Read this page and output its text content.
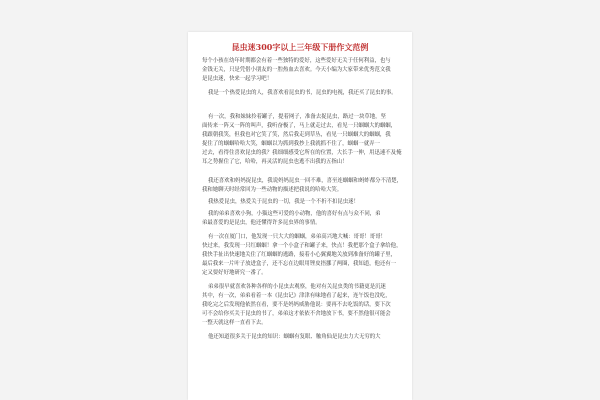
昆虫迷300字以上三年级下册作文范例
每个小孩在幼年时期都会有着一些独特的爱好，这些爱好无关于任何利益，也与
金钱无关，只是凭借小朋友的一腔热血去喜欢。今天小编为大家带来优秀范文我
是昆虫迷，快来一起学习吧！
我是一个热爱昆虫的人，我喜欢看昆虫的书，昆虫的电视，我还买了昆虫的事。
有一次，我和妹妹拎着罐子，提着网子，准备去捉昆虫，路过一块草地，坚
面传来一阵又一阵的叫声，我听奋极了，马上就走过去，看见一只蝈蝈大的蝈蝈，
我跟朝我笑，但我也对它笑了笑，然后我走到草丛，看见一只蝈蝈大的蝈蝈，我
捉住了的蝈蝈哈哈大笑，蝈蝈以为抓到我抄上我就抓不住了，蝈蝈一就弄一
过去，看得住喜欢昆虫的我？我细细感受它所在的位置，大长手一伸，用迅速不及掩
耳之势握住了它，哈哈，再灵活的昆虫也逃不出我的五指山！
我还喜欢和妈妈捉昆虫，我说妈妈昆虫一回不难，喜至连蝈蝈和蚂蚱都分不清楚，
我和她聊天时经常回为一些动物的描述把我说的哈哈大笑。
我热爱昆虫，热爱关于昆虫的一切，我是一个不折不扣昆虫迷！
我的弟弟喜欢小狗，小猫这些可爱的小动物，他的喜好有点与众不同，弟
弟最喜爱的是昆虫，他还懂得许多昆虫界的事情。
有一次在厦门口，他发现一只大大的蝈蝈，弟弟高兴地大喊：哥哥！哥哥！
快过来，我发现一只红蝈蝈！拿一个小盒子和罐子来，快点！我把那个盒子拿给他，
我快手扯出快速地关住了红蝈蝈的逃路，接着小心翼翼地关放到准备好的罐子里，
最后我来一片叶子放进盒子，还不忘在边眼用锉皮捂挪了两圈，我知道，他还有一
定又要好好地研究一番了。
弟弟很早就喜欢各种各样的小昆虫去观察，他对有关昆虫类的书籍更是沉迷
其中，有一次，弟弟看着一本《昆虫记》津津有味地看了起来，连午饭也没吃，
我吃完之后发现他依然在看，要不是妈妈威胁他说：要再不去吃饭的话，要下次
可不会给你买关于昆虫的书了，弟弟这才依依不舍地放下书，要不然他很可能会
一整天就这样一直看下去。
他还知道很多关于昆虫的知识：蝈蝈有复眼、触角仙是昆虫力大无穷的大
